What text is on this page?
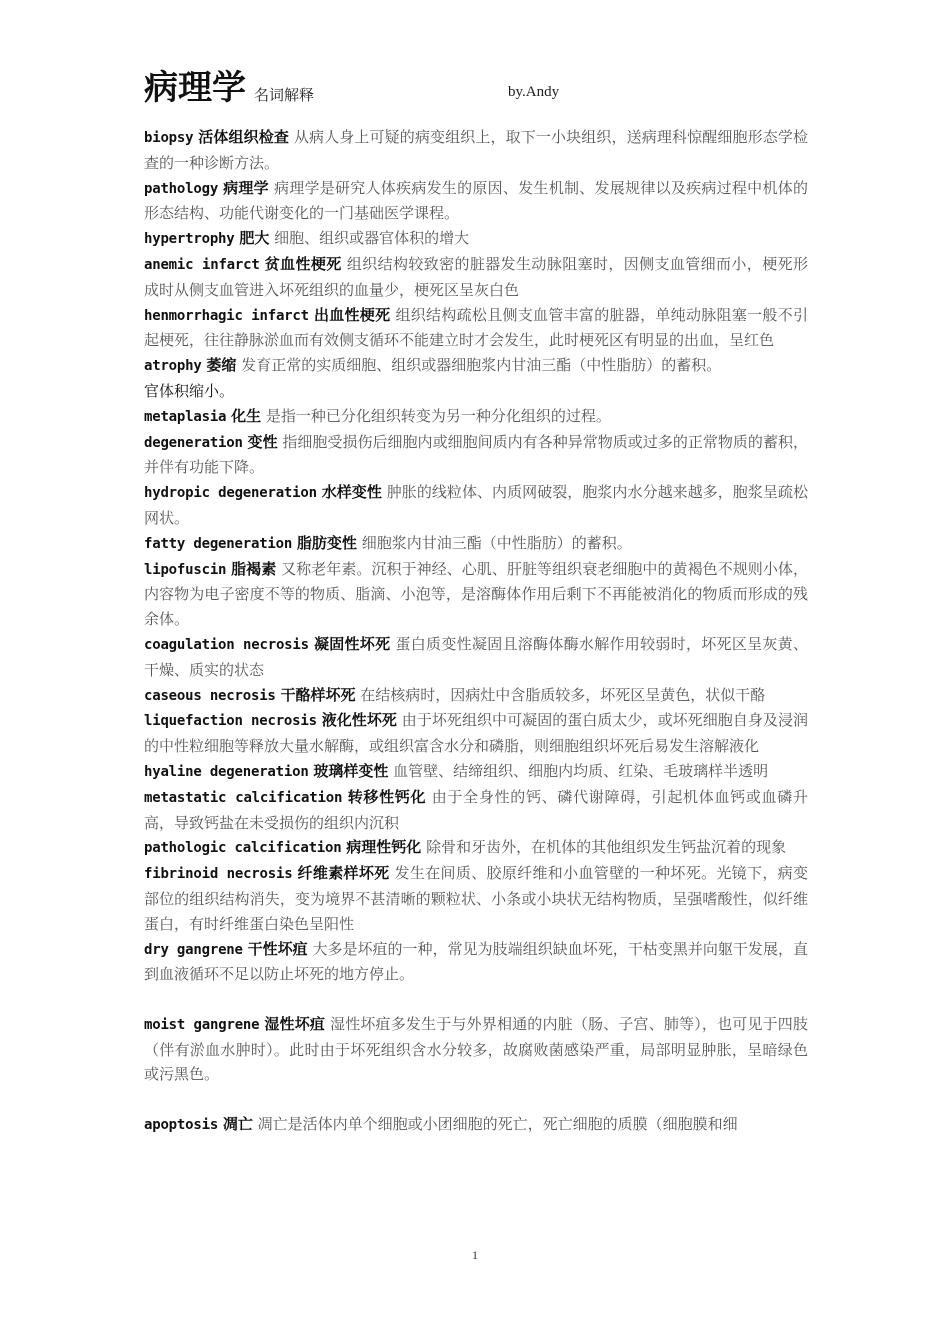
病理学 名词解释	by.Andy
biopsy 活体组织检查 从病人身上可疑的病变组织上，取下一小块组织，送病理科惊醒细胞形态学检查的一种诊断方法。
pathology 病理学 病理学是研究人体疾病发生的原因、发生机制、发展规律以及疾病过程中机体的形态结构、功能代谢变化的一门基础医学课程。
hypertrophy 肥大 细胞、组织或器官体积的增大
anemic infarct 贫血性梗死 组织结构较致密的脏器发生动脉阻塞时，因侧支血管细而小，梗死形成时从侧支血管进入坏死组织的血量少，梗死区呈灰白色
henmorrhagic infarct 出血性梗死 组织结构疏松且侧支血管丰富的脏器，单纯动脉阻塞一般不引起梗死，往往静脉淤血而有效侧支循环不能建立时才会发生，此时梗死区有明显的出血，呈红色
atrophy 萎缩 发育正常的实质细胞、组织或器细胞浆内甘油三酯（中性脂肪）的蓄积。
官体积缩小。
metaplasia 化生 是指一种已分化组织转变为另一种分化组织的过程。
degeneration 变性 指细胞受损伤后细胞内或细胞间质内有各种异常物质或过多的正常物质的蓄积，并伴有功能下降。
hydropic degeneration 水样变性 肿胀的线粒体、内质网破裂，胞浆内水分越来越多，胞浆呈疏松网状。
fatty degeneration 脂肪变性 细胞浆内甘油三酯（中性脂肪）的蓄积。
lipofuscin 脂褐素 又称老年素。沉积于神经、心肌、肝脏等组织衰老细胞中的黄褐色不规则小体，内容物为电子密度不等的物质、脂滴、小泡等，是溶酶体作用后剩下不再能被消化的物质而形成的残余体。
coagulation necrosis 凝固性坏死 蛋白质变性凝固且溶酶体酶水解作用较弱时，坏死区呈灰黄、干燥、质实的状态
caseous necrosis 干酪样坏死 在结核病时，因病灶中含脂质较多，坏死区呈黄色，状似干酪
liquefaction necrosis 液化性坏死 由于坏死组织中可凝固的蛋白质太少，或坏死细胞自身及浸润的中性粒细胞等释放大量水解酶，或组织富含水分和磷脂，则细胞组织坏死后易发生溶解液化
hyaline degeneration 玻璃样变性 血管壁、结缔组织、细胞内均质、红染、毛玻璃样半透明
metastatic calcification 转移性钙化 由于全身性的钙、磷代谢障碍，引起机体血钙或血磷升高，导致钙盐在未受损伤的组织内沉积
pathologic calcification 病理性钙化 除骨和牙齿外，在机体的其他组织发生钙盐沉着的现象
fibrinoid necrosis 纤维素样坏死 发生在间质、胶原纤维和小血管壁的一种坏死。光镜下，病变部位的组织结构消失，变为境界不甚清晰的颗粒状、小条或小块状无结构物质，呈强嗜酸性，似纤维蛋白，有时纤维蛋白染色呈阳性
dry gangrene 干性坏疽 大多是坏疽的一种，常见为肢端组织缺血坏死，干枯变黑并向躯干发展，直到血液循环不足以防止坏死的地方停止。
moist gangrene 湿性坏疽 湿性坏疽多发生于与外界相通的内脏（肠、子宫、肺等），也可见于四肢（伴有淤血水肿时）。此时由于坏死组织含水分较多，故腐败菌感染严重，局部明显肿胀，呈暗绿色或污黑色。
apoptosis 凋亡 凋亡是活体内单个细胞或小团细胞的死亡，死亡细胞的质膜（细胞膜和细
1
